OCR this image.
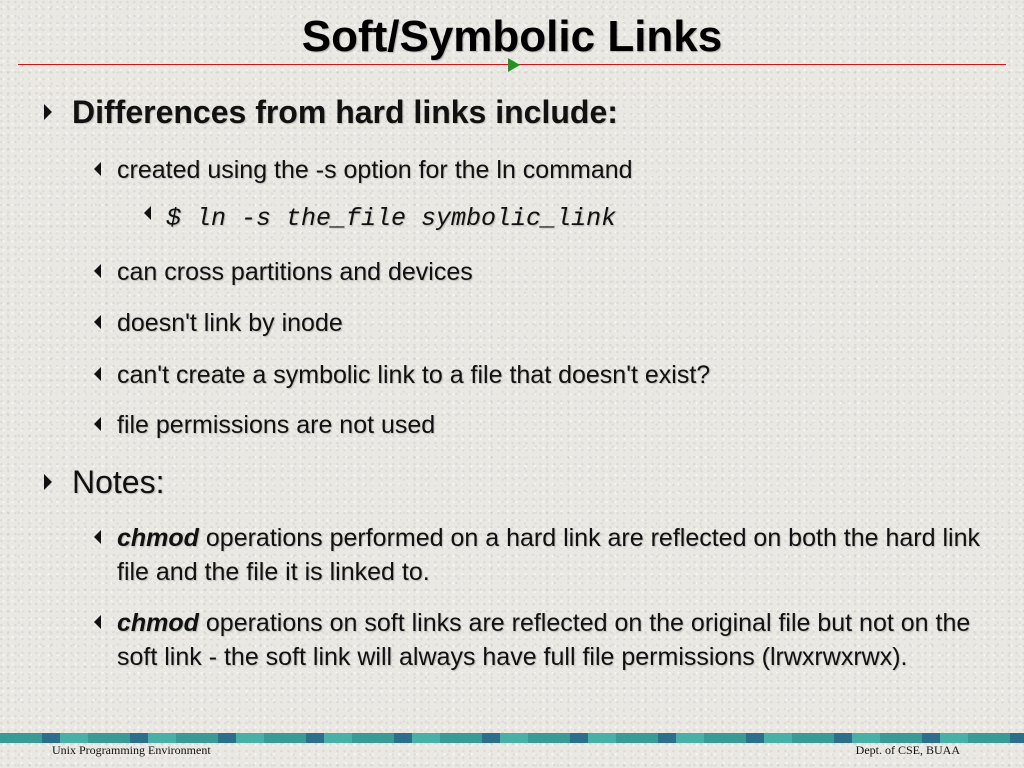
Soft/Symbolic Links
Differences from hard links include:
created using the -s option for the ln command
$ ln -s the_file symbolic_link
can cross partitions and devices
doesn't link by inode
can't create a symbolic link to a file that doesn't exist?
file permissions are not used
Notes:
chmod operations performed on a hard link are reflected on both the hard link file and the file it is linked to.
chmod operations on soft links are reflected on the original file but not on the soft link - the soft link will always have full file permissions (lrwxrwxrwx).
Unix Programming Environment	Dept. of CSE, BUAA
